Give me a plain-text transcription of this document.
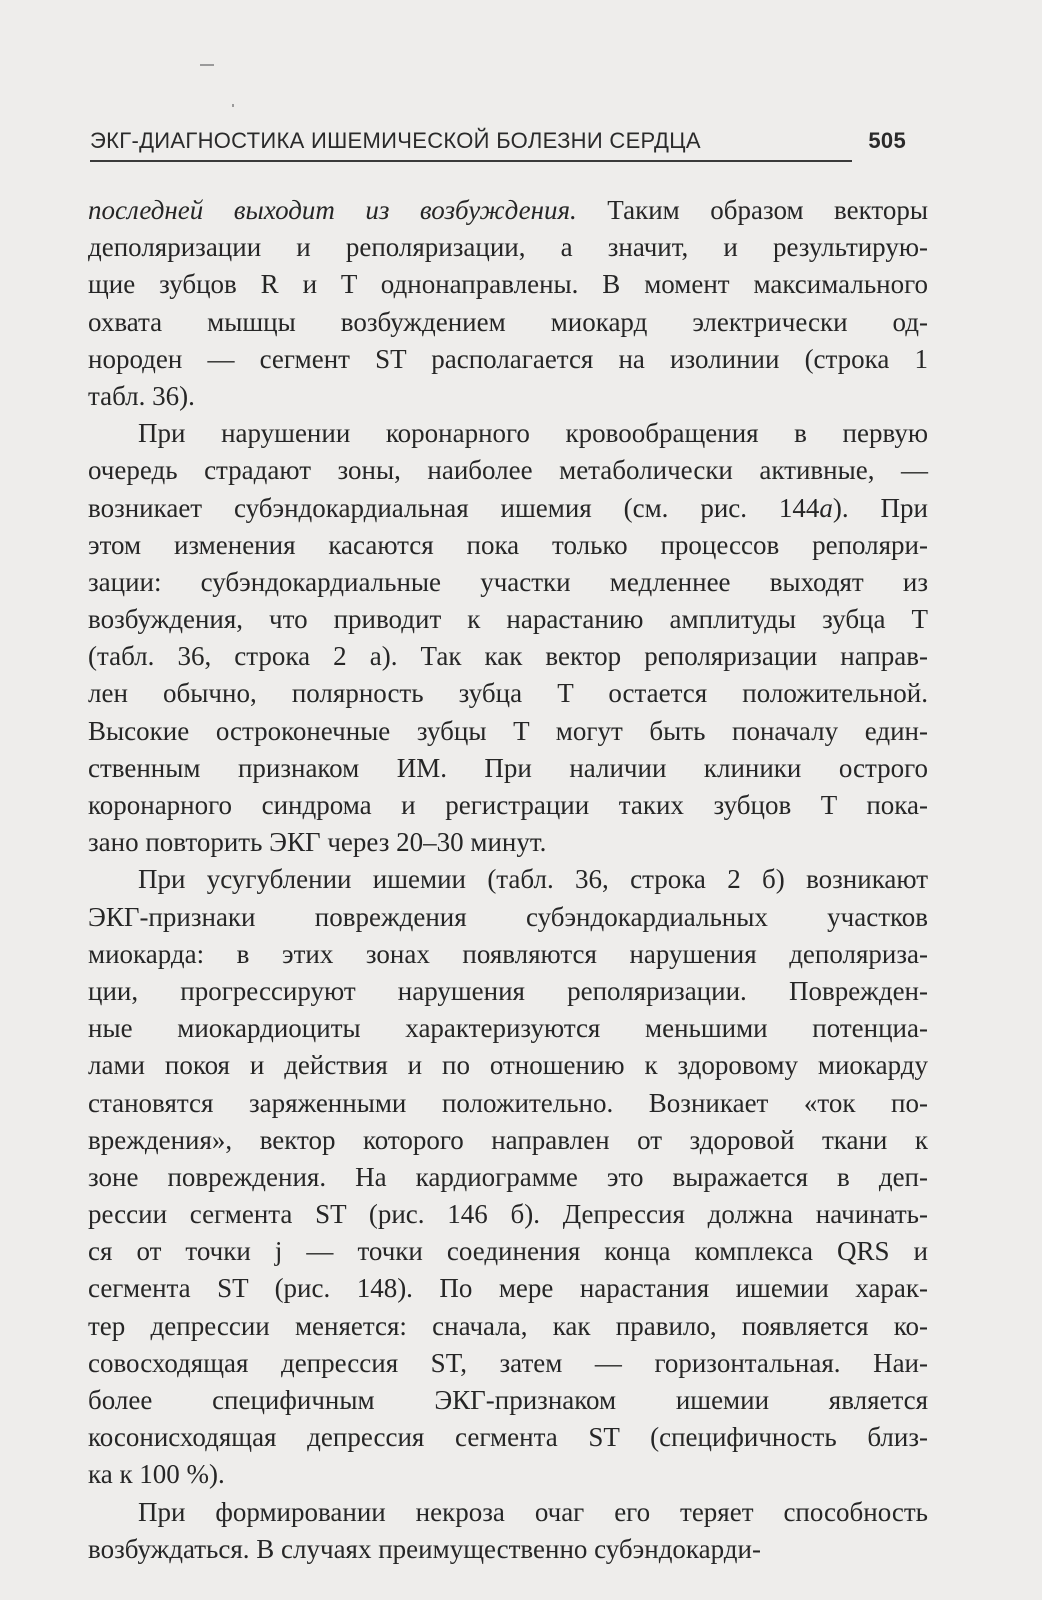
ЭКГ-ДИАГНОСТИКА ИШЕМИЧЕСКОЙ БОЛЕЗНИ СЕРДЦА	505
последней выходит из возбуждения. Таким образом векторы
деполяризации и реполяризации, а значит, и результирую-
щие зубцов R и T однонаправлены. В момент максимального
охвата мышцы возбуждением миокард электрически од-
нороден — сегмент ST располагается на изолинии (строка 1
табл. 36).
При нарушении коронарного кровообращения в первую
очередь страдают зоны, наиболее метаболически активные, —
возникает субэндокардиальная ишемия (см. рис. 144а). При
этом изменения касаются пока только процессов реполяри-
зации: субэндокардиальные участки медленнее выходят из
возбуждения, что приводит к нарастанию амплитуды зубца T
(табл. 36, строка 2 а). Так как вектор реполяризации направ-
лен обычно, полярность зубца T остается положительной.
Высокие остроконечные зубцы T могут быть поначалу един-
ственным признаком ИМ. При наличии клиники острого
коронарного синдрома и регистрации таких зубцов T пока-
зано повторить ЭКГ через 20–30 минут.
При усугублении ишемии (табл. 36, строка 2 б) возникают
ЭКГ-признаки повреждения субэндокардиальных участков
миокарда: в этих зонах появляются нарушения деполяриза-
ции, прогрессируют нарушения реполяризации. Поврежден-
ные миокардиоциты характеризуются меньшими потенциа-
лами покоя и действия и по отношению к здоровому миокарду
становятся заряженными положительно. Возникает «ток по-
вреждения», вектор которого направлен от здоровой ткани к
зоне повреждения. На кардиограмме это выражается в деп-
рессии сегмента ST (рис. 146 б). Депрессия должна начинать-
ся от точки j — точки соединения конца комплекса QRS и
сегмента ST (рис. 148). По мере нарастания ишемии харак-
тер депрессии меняется: сначала, как правило, появляется ко-
совосходящая депрессия ST, затем — горизонтальная. Наи-
более специфичным ЭКГ-признаком ишемии является
косонисходящая депрессия сегмента ST (специфичность близ-
ка к 100 %).
При формировании некроза очаг его теряет способность
возбуждаться. В случаях преимущественно субэндокарди-
